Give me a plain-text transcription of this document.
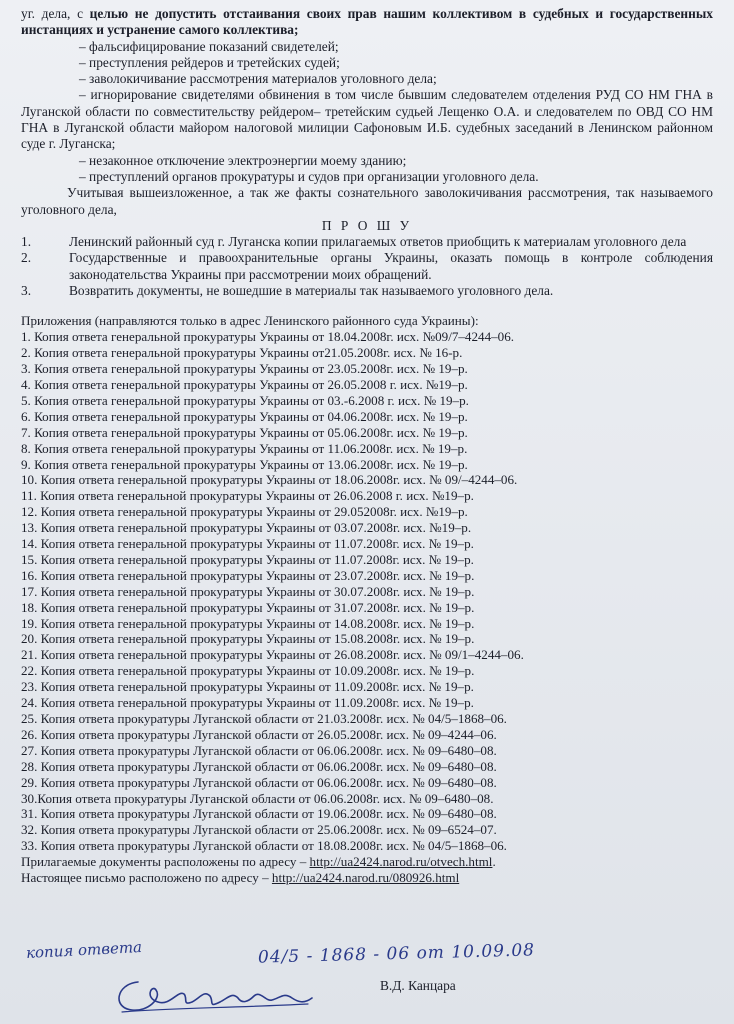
уг. дела, с целью не допустить отстаивания своих прав нашим коллективом в судебных и государственных инстанциях и устранение самого коллектива;

– фальсифицирование показаний свидетелей;

– преступления рейдеров и третейских судей;

– заволокичивание рассмотрения материалов уголовного дела;

– игнорирование свидетелями обвинения в том числе бывшим следователем отделения РУД СО НМ ГНА в Луганской области по совместительству рейдером– третейским судьей Лещенко О.А. и следователем по ОВД СО НМ ГНА в Луганской области майором налоговой милиции Сафоновым И.Б. судебных заседаний в Ленинском районном суде г. Луганска;

– незаконное отключение электроэнергии моему зданию;

– преступлений органов прокуратуры и судов при организации уголовного дела.

Учитывая вышеизложенное, а так же факты сознательного заволокичивания рассмотрения, так называемого уголовного дела,

П Р О Ш У

1.	Ленинский районный суд г. Луганска копии прилагаемых ответов приобщить к материалам уголовного дела
2.	Государственные и правоохранительные органы Украины, оказать помощь в контроле соблюдения законодательства Украины при рассмотрении моих обращений.
3.	Возвратить документы, не вошедшие в материалы так называемого уголовного дела.

Приложения (направляются только в адрес Ленинского районного суда Украины):

1. Копия ответа генеральной прокуратуры Украины от 18.04.2008г. исх. №09/7–4244–06.

2. Копия ответа генеральной прокуратуры Украины от21.05.2008г. исх. № 16-р.

3. Копия ответа генеральной прокуратуры Украины от 23.05.2008г. исх. № 19–р.

4. Копия ответа генеральной прокуратуры Украины от 26.05.2008 г. исх. №19–р.

5. Копия ответа генеральной прокуратуры Украины от 03.-6.2008 г. исх. № 19–р.

6. Копия ответа генеральной прокуратуры Украины от 04.06.2008г. исх. № 19–р.

7. Копия ответа генеральной прокуратуры Украины от 05.06.2008г. исх. № 19–р.

8. Копия ответа генеральной прокуратуры Украины от 11.06.2008г. исх. № 19–р.

9. Копия ответа генеральной прокуратуры Украины от 13.06.2008г. исх. № 19–р.

10. Копия ответа генеральной прокуратуры Украины от 18.06.2008г. исх. № 09/–4244–06.

11. Копия ответа генеральной прокуратуры Украины от 26.06.2008 г. исх. №19–р.

12. Копия ответа генеральной прокуратуры Украины от 29.052008г. исх. №19–р.

13. Копия ответа генеральной прокуратуры Украины от 03.07.2008г. исх. №19–р.

14. Копия ответа генеральной прокуратуры Украины от 11.07.2008г. исх. № 19–р.

15. Копия ответа генеральной прокуратуры Украины от 11.07.2008г. исх. № 19–р.

16. Копия ответа генеральной прокуратуры Украины от 23.07.2008г. исх. № 19–р.

17. Копия ответа генеральной прокуратуры Украины от 30.07.2008г. исх. № 19–р.

18. Копия ответа генеральной прокуратуры Украины от 31.07.2008г. исх. № 19–р.

19. Копия ответа генеральной прокуратуры Украины от 14.08.2008г. исх. № 19–р.

20. Копия ответа генеральной прокуратуры Украины от 15.08.2008г. исх. № 19–р.

21. Копия ответа генеральной прокуратуры Украины от 26.08.2008г. исх. № 09/1–4244–06.

22. Копия ответа генеральной прокуратуры Украины от 10.09.2008г. исх. № 19–р.

23. Копия ответа генеральной прокуратуры Украины от 11.09.2008г. исх. № 19–р.

24. Копия ответа генеральной прокуратуры Украины от 11.09.2008г. исх. № 19–р.

25. Копия ответа прокуратуры Луганской области от 21.03.2008г. исх. № 04/5–1868–06.

26. Копия ответа прокуратуры Луганской области от 26.05.2008г. исх. № 09–4244–06.

27. Копия ответа прокуратуры Луганской области от 06.06.2008г. исх. № 09–6480–08.

28. Копия ответа прокуратуры Луганской области от 06.06.2008г. исх. № 09–6480–08.

29. Копия ответа прокуратуры Луганской области от 06.06.2008г. исх. № 09–6480–08.

30.Копия ответа прокуратуры Луганской области от 06.06.2008г. исх. № 09–6480–08.

31. Копия ответа прокуратуры Луганской области от 19.06.2008г. исх. № 09–6480–08.

32. Копия ответа прокуратуры Луганской области от 25.06.2008г. исх. № 09–6524–07.

33. Копия ответа прокуратуры Луганской области от 18.08.2008г. исх. № 04/5–1868–06.

Прилагаемые документы расположены по адресу – http://ua2424.narod.ru/otvech.html.

Настоящее письмо расположено по адресу – http://ua2424.narod.ru/080926.html

копия ответа	04/5 - 1868 - 06 от 10.09.08
В.Д. Канцара
